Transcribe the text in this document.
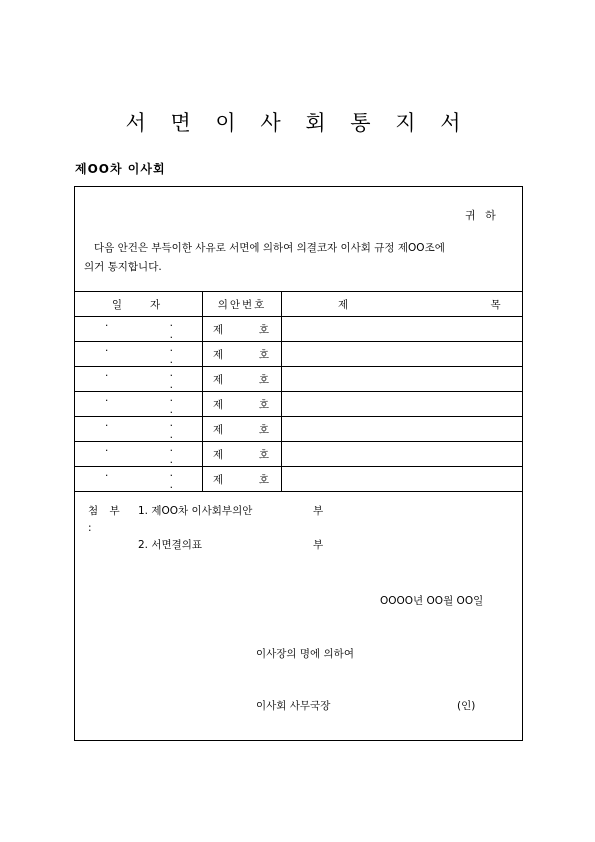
서 면 이 사 회 통 지 서
제OO차 이사회
귀 하
다음 안건은 부득이한 사유로 서면에 의하여 의결코자 이사회 규정 제OO조에
의거 통지합니다.
일자	의안번호	제 목
. . .	제 호	

. . .	제 호	

. . .	제 호	

. . .	제 호	

. . .	제 호	

. . .	제 호	

. . .	제 호	

첨 부 :
1. 제OO차 이사회부의안	부
2. 서면결의표	부
OOOO년 OO월 OO일
이사장의 명에 의하여
이사회 사무국장	(인)
